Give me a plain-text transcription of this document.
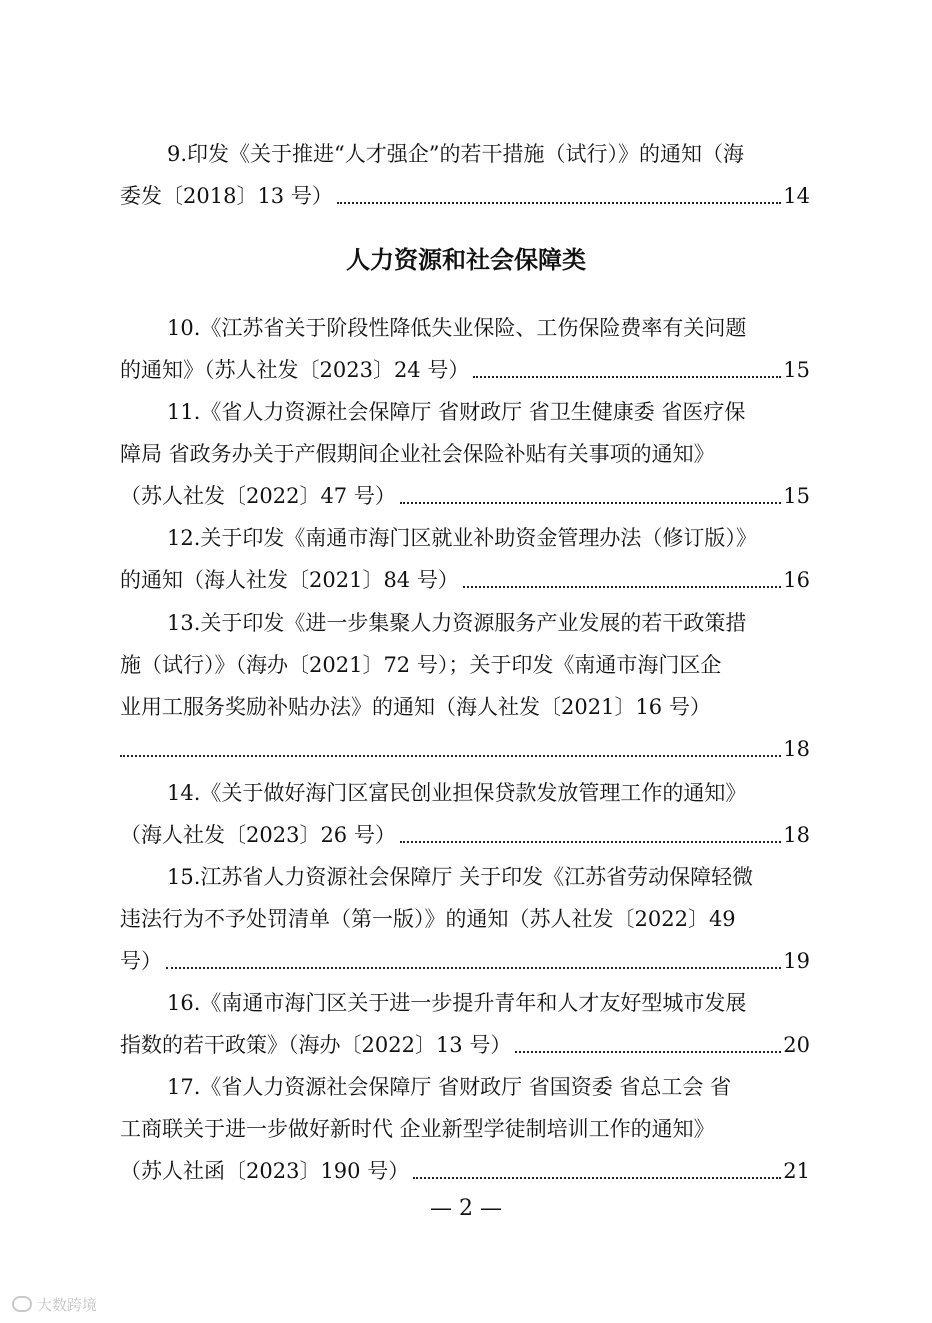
9.印发《关于推进“人才强企”的若干措施（试行）》的通知（海
委发〔2018〕13 号）	14
人力资源和社会保障类
10.《江苏省关于阶段性降低失业保险、工伤保险费率有关问题
的通知》（苏人社发〔2023〕24 号）	15
11.《省人力资源社会保障厅 省财政厅 省卫生健康委 省医疗保
障局 省政务办关于产假期间企业社会保险补贴有关事项的通知》
（苏人社发〔2022〕47 号）	15
12.关于印发《南通市海门区就业补助资金管理办法（修订版）》
的通知（海人社发〔2021〕84 号）	16
13.关于印发《进一步集聚人力资源服务产业发展的若干政策措
施（试行）》（海办〔2021〕72 号）；关于印发《南通市海门区企
业用工服务奖励补贴办法》的通知（海人社发〔2021〕16 号）
18
14.《关于做好海门区富民创业担保贷款发放管理工作的通知》
（海人社发〔2023〕26 号）	18
15.江苏省人力资源社会保障厅 关于印发《江苏省劳动保障轻微
违法行为不予处罚清单（第一版）》的通知（苏人社发〔2022〕49
号）	19
16.《南通市海门区关于进一步提升青年和人才友好型城市发展
指数的若干政策》（海办〔2022〕13 号）	20
17.《省人力资源社会保障厅 省财政厅 省国资委 省总工会 省
工商联关于进一步做好新时代 企业新型学徒制培训工作的通知》
（苏人社函〔2023〕190 号）	21
— 2 —
大数跨境
